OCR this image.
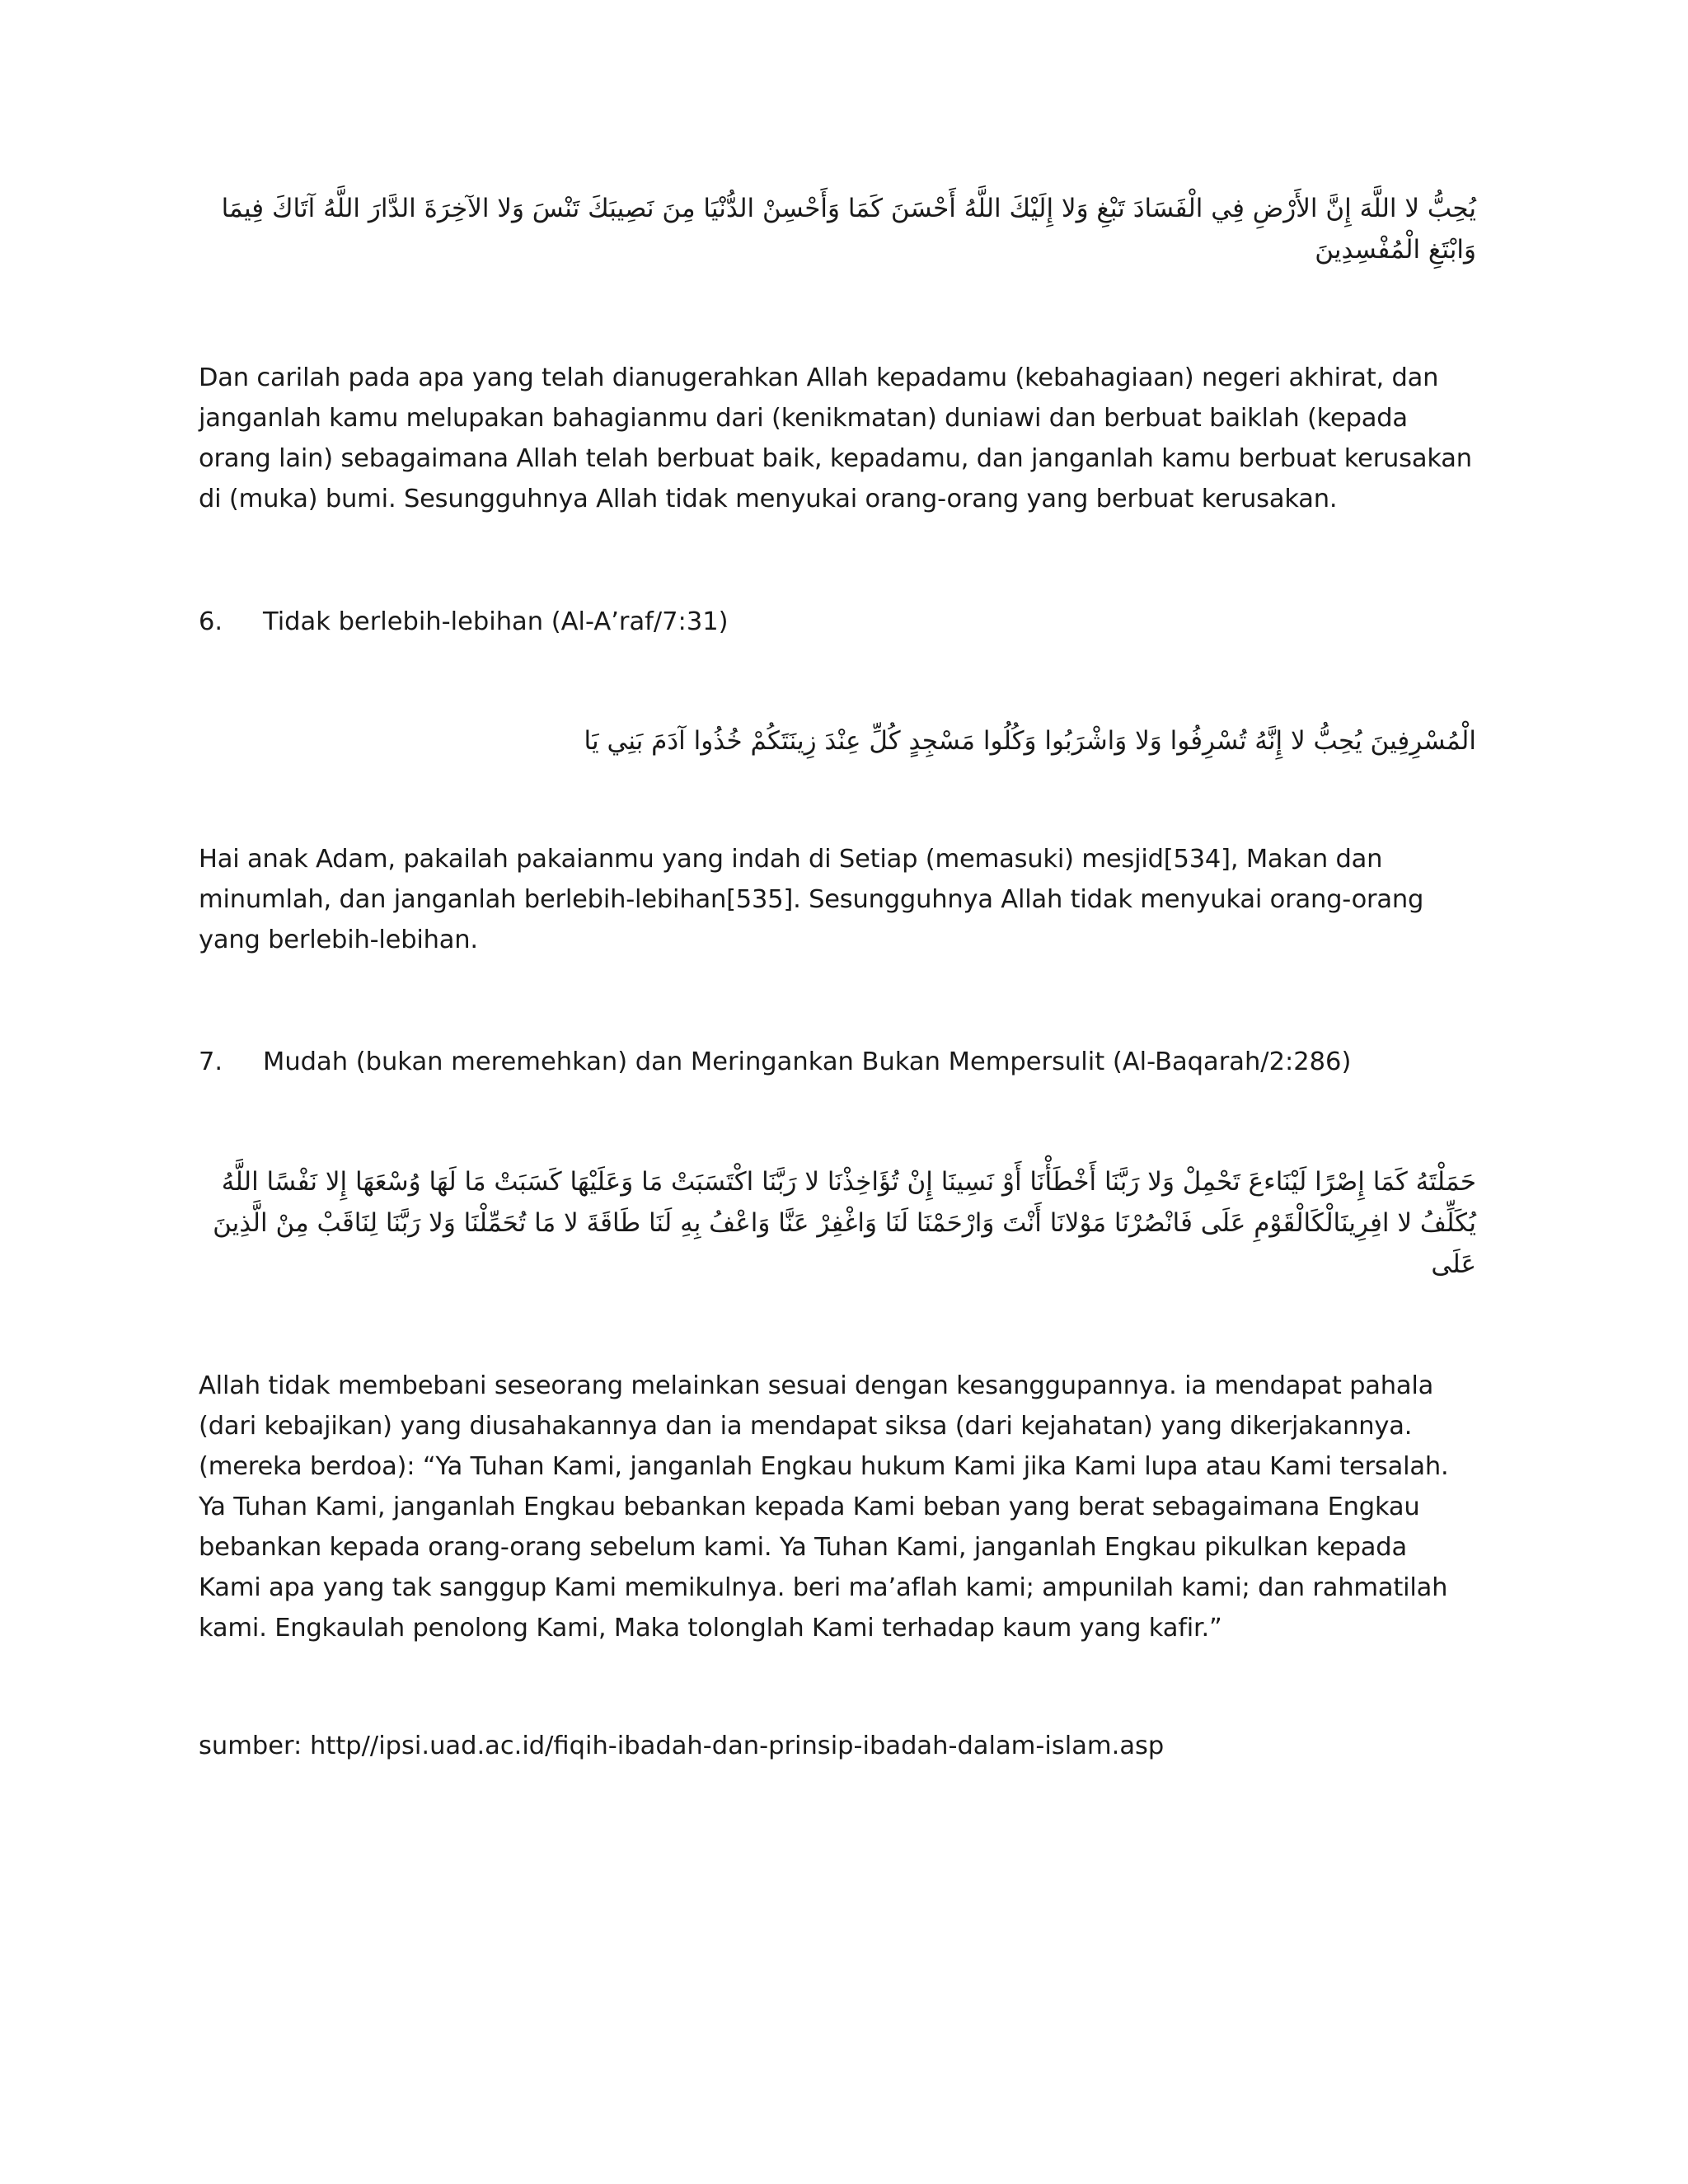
يُحِبُّ لا اللَّهَ إِنَّ الأَرْضِ فِي الْفَسَادَ تَبْغِ وَلا إِلَيْكَ اللَّهُ أَحْسَنَ كَمَا وَأَحْسِنْ الدُّنْيَا مِنَ نَصِيبَكَ تَنْسَ وَلا الآخِرَةَ الدَّارَ اللَّهُ آتَاكَ فِيمَا وَابْتَغِ الْمُفْسِدِينَ

Dan carilah pada apa yang telah dianugerahkan Allah kepadamu (kebahagiaan) negeri akhirat, dan janganlah kamu melupakan bahagianmu dari (kenikmatan) duniawi dan berbuat baiklah (kepada orang lain) sebagaimana Allah telah berbuat baik, kepadamu, dan janganlah kamu berbuat kerusakan di (muka) bumi. Sesungguhnya Allah tidak menyukai orang-orang yang berbuat kerusakan.

6.	Tidak berlebih-lebihan (Al-A’raf/7:31)

الْمُسْرِفِينَ يُحِبُّ لا إِنَّهُ تُسْرِفُوا وَلا وَاشْرَبُوا وَكُلُوا مَسْجِدٍ كُلِّ عِنْدَ زِينَتَكُمْ خُذُوا آدَمَ بَنِي يَا

Hai anak Adam, pakailah pakaianmu yang indah di Setiap (memasuki) mesjid[534], Makan dan minumlah, dan janganlah berlebih-lebihan[535]. Sesungguhnya Allah tidak menyukai orang-orang yang berlebih-lebihan.

7.	Mudah (bukan meremehkan) dan Meringankan Bukan Mempersulit (Al-Baqarah/2:286)

حَمَلْتَهُ كَمَا إِصْرًا لَيْنَاءعَ تَحْمِلْ وَلا رَبَّنَا أَخْطَأْنَا أَوْ نَسِينَا إِنْ تُؤَاخِذْنَا لا رَبَّنَا اكْتَسَبَتْ مَا وَعَلَيْهَا كَسَبَتْ مَا لَهَا وُسْعَهَا إِلا نَفْسًا اللَّهُ يُكَلِّفُ لا افِرِينَالْكَالْقَوْمِ عَلَى فَانْصُرْنَا مَوْلانَا أَنْتَ وَارْحَمْنَا لَنَا وَاغْفِرْ عَنَّا وَاعْفُ بِهِ لَنَا طَاقَةَ لا مَا تُحَمِّلْنَا وَلا رَبَّنَا لِنَاقَبْ مِنْ الَّذِينَ عَلَى

Allah tidak membebani seseorang melainkan sesuai dengan kesanggupannya. ia mendapat pahala (dari kebajikan) yang diusahakannya dan ia mendapat siksa (dari kejahatan) yang dikerjakannya. (mereka berdoa): “Ya Tuhan Kami, janganlah Engkau hukum Kami jika Kami lupa atau Kami tersalah. Ya Tuhan Kami, janganlah Engkau bebankan kepada Kami beban yang berat sebagaimana Engkau bebankan kepada orang-orang sebelum kami. Ya Tuhan Kami, janganlah Engkau pikulkan kepada Kami apa yang tak sanggup Kami memikulnya. beri ma’aflah kami; ampunilah kami; dan rahmatilah kami. Engkaulah penolong Kami, Maka tolonglah Kami terhadap kaum yang kafir.”

sumber: http//ipsi.uad.ac.id/fiqih-ibadah-dan-prinsip-ibadah-dalam-islam.asp
